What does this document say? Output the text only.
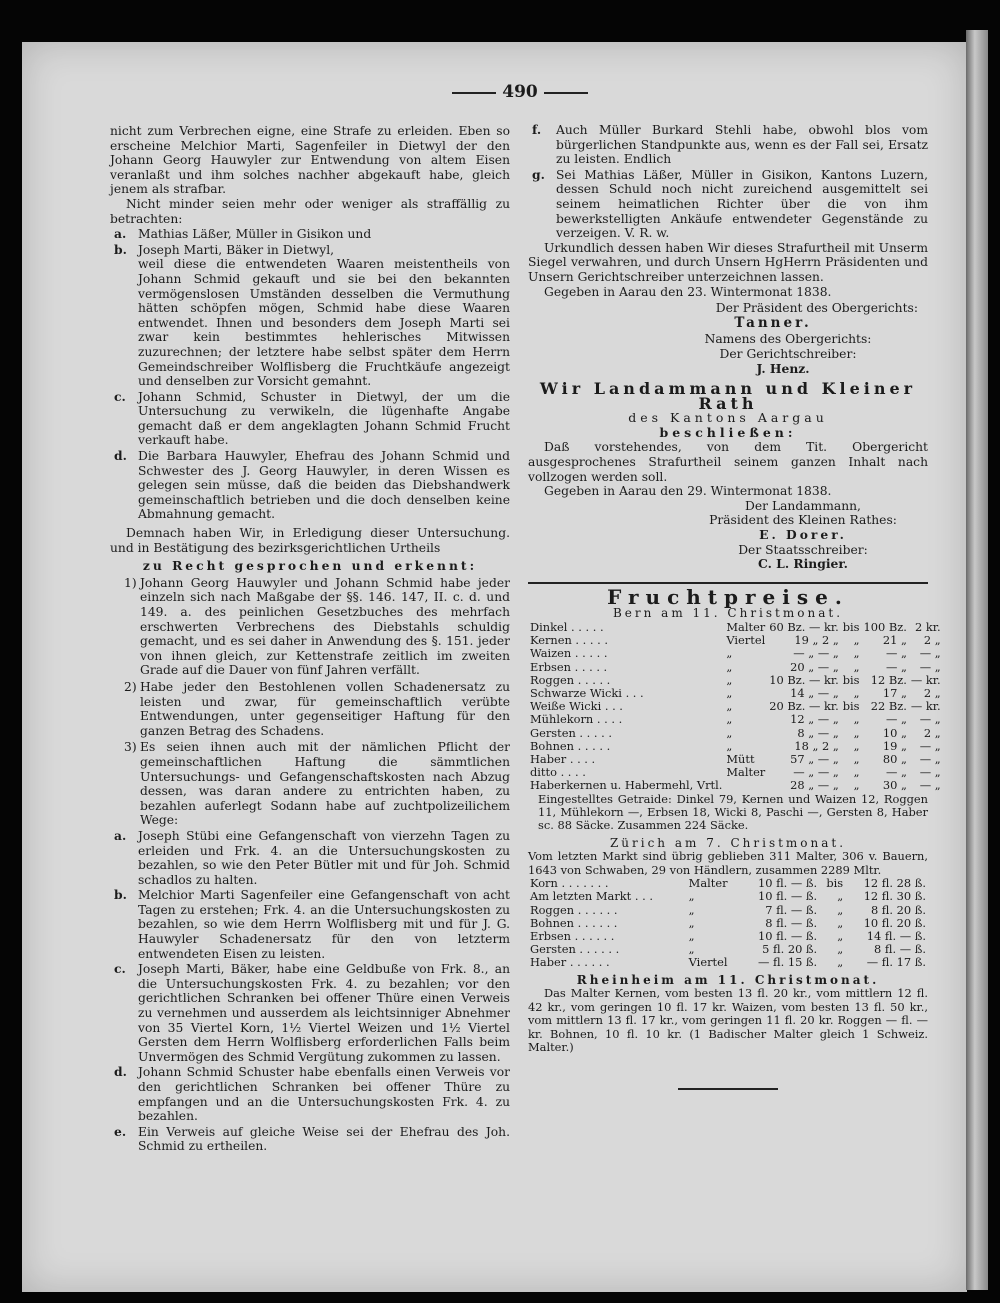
490

nicht zum Verbrechen eigne, eine Strafe zu erleiden. Eben so erscheine Melchior Marti, Sagenfeiler in Dietwyl der den Johann Georg Hauwyler zur Entwendung von altem Eisen veranlaßt und ihm solches nachher abgekauft habe, gleich jenem als strafbar.

Nicht minder seien mehr oder weniger als straffällig zu betrachten:

a. Mathias Läßer, Müller in Gisikon und
b. Joseph Marti, Bäker in Dietwyl,

weil diese die entwendeten Waaren meistentheils von Johann Schmid gekauft und sie bei den bekannten vermögenslosen Umständen desselben die Vermuthung hätten schöpfen mögen, Schmid habe diese Waaren entwendet. Ihnen und besonders dem Joseph Marti sei zwar kein bestimmtes hehlerisches Mitwissen zuzurechnen; der letztere habe selbst später dem Herrn Gemeindschreiber Wolflisberg die Fruchtkäufe angezeigt und denselben zur Vorsicht gemahnt.

c. Johann Schmid, Schuster in Dietwyl, der um die Untersuchung zu verwikeln, die lügenhafte Angabe gemacht daß er dem angeklagten Johann Schmid Frucht verkauft habe.

d. Die Barbara Hauwyler, Ehefrau des Johann Schmid und Schwester des J. Georg Hauwyler, in deren Wissen es gelegen sein müsse, daß die beiden das Diebshandwerk gemeinschaftlich betrieben und die doch denselben keine Abmahnung gemacht.

Demnach haben Wir, in Erledigung dieser Untersuchung. und in Bestätigung des bezirksgerichtlichen Urtheils

zu Recht gesprochen und erkennt:

1) Johann Georg Hauwyler und Johann Schmid habe jeder einzeln sich nach Maßgabe der §§. 146. 147, II. c. d. und 149. a. des peinlichen Gesetzbuches des mehrfach erschwerten Verbrechens des Diebstahls schuldig gemacht, und es sei daher in Anwendung des §. 151. jeder von ihnen gleich, zur Kettenstrafe zeitlich im zweiten Grade auf die Dauer von fünf Jahren verfällt.

2) Habe jeder den Bestohlenen vollen Schadenersatz zu leisten und zwar, für gemeinschaftlich verübte Entwendungen, unter gegenseitiger Haftung für den ganzen Betrag des Schadens.

3) Es seien ihnen auch mit der nämlichen Pflicht der gemeinschaftlichen Haftung die sämmtlichen Untersuchungs- und Gefangenschaftskosten nach Abzug dessen, was daran andere zu entrichten haben, zu bezahlen auferlegt Sodann habe auf zuchtpolizeilichem Wege:

a. Joseph Stübi eine Gefangenschaft von vierzehn Tagen zu erleiden und Frk. 4. an die Untersuchungskosten zu bezahlen, so wie den Peter Bütler mit und für Joh. Schmid schadlos zu halten.

b. Melchior Marti Sagenfeiler eine Gefangenschaft von acht Tagen zu erstehen; Frk. 4. an die Untersuchungskosten zu bezahlen, so wie dem Herrn Wolflisberg mit und für J. G. Hauwyler Schadenersatz für den von letzterm entwendeten Eisen zu leisten.

c. Joseph Marti, Bäker, habe eine Geldbuße von Frk. 8., an die Untersuchungskosten Frk. 4. zu bezahlen; vor den gerichtlichen Schranken bei offener Thüre einen Verweis zu vernehmen und ausserdem als leichtsinniger Abnehmer von 35 Viertel Korn, 1½ Viertel Weizen und 1½ Viertel Gersten dem Herrn Wolflisberg erforderlichen Falls beim Unvermögen des Schmid Vergütung zukommen zu lassen.

d. Johann Schmid Schuster habe ebenfalls einen Verweis vor den gerichtlichen Schranken bei offener Thüre zu empfangen und an die Untersuchungskosten Frk. 4. zu bezahlen.

e. Ein Verweis auf gleiche Weise sei der Ehefrau des Joh. Schmid zu ertheilen.

f. Auch Müller Burkard Stehli habe, obwohl blos vom bürgerlichen Standpunkte aus, wenn es der Fall sei, Ersatz zu leisten. Endlich

g. Sei Mathias Läßer, Müller in Gisikon, Kantons Luzern, dessen Schuld noch nicht zureichend ausgemittelt sei seinem heimatlichen Richter über die von ihm bewerkstelligten Ankäufe entwendeter Gegenstände zu verzeigen. V. R. w.

Urkundlich dessen haben Wir dieses Strafurtheil mit Unserm Siegel verwahren, und durch Unsern HgHerrn Präsidenten und Unsern Gerichtschreiber unterzeichnen lassen.

Gegeben in Aarau den 23. Wintermonat 1838.

Der Präsident des Obergerichts:

Tanner.

Namens des Obergerichts:

Der Gerichtschreiber:

J. Henz.

Wir Landammann und Kleiner Rath

des Kantons Aargau

beschließen:

Daß vorstehendes, von dem Tit. Obergericht ausgesprochenes Strafurtheil seinem ganzen Inhalt nach vollzogen werden soll.

Gegeben in Aarau den 29. Wintermonat 1838.

Der Landammann,

Präsident des Kleinen Rathes:

E. Dorer.

Der Staatsschreiber:

C. L. Ringier.

Fruchtpreise.

Bern am 11. Christmonat.

Dinkel . . . . .	Malter	60 Bz. — kr.	bis	100 Bz.	2 kr.
Kernen . . . . .	Viertel	19 „ 2 „	„	21 „	2 „
Waizen . . . . .	„	— „ — „	„	— „	— „
Erbsen . . . . .	„	20 „ — „	„	— „	— „
Roggen . . . . .	„	10 Bz. — kr.	bis	12 Bz.	— kr.
Schwarze Wicki . . .	„	14 „ — „	„	17 „	2 „
Weiße Wicki . . .	„	20 Bz. — kr.	bis	22 Bz.	— kr.
Mühlekorn . . . .	„	12 „ — „	„	— „	— „
Gersten . . . . .	„	8 „ — „	„	10 „	2 „
Bohnen . . . . .	„	18 „ 2 „	„	19 „	— „
Haber . . . .	Mütt	57 „ — „	„	80 „	— „
ditto . . . .	Malter	— „ — „	„	— „	— „
Haberkernen u. Habermehl, Vrtl.		28 „ — „	„	30 „	— „

Eingestelltes Getraide: Dinkel 79, Kernen und Waizen 12, Roggen 11, Mühlekorn —, Erbsen 18, Wicki 8, Paschi —, Gersten 8, Haber sc. 88 Säcke. Zusammen 224 Säcke.

Zürich am 7. Christmonat.

Vom letzten Markt sind übrig geblieben 311 Malter, 306 v. Bauern, 1643 von Schwaben, 29 von Händlern, zusammen 2289 Mltr.

Korn . . . . . . .	Malter	10 fl. — ß.	bis	12 fl. 28 ß.
Am letzten Markt . . .	„	10 fl. — ß.	„	12 fl. 30 ß.
Roggen . . . . . .	„	7 fl. — ß.	„	8 fl. 20 ß.
Bohnen . . . . . .	„	8 fl. — ß.	„	10 fl. 20 ß.
Erbsen . . . . . .	„	10 fl. — ß.	„	14 fl. — ß.
Gersten . . . . . .	„	5 fl. 20 ß.	„	8 fl. — ß.
Haber . . . . . .	Viertel	— fl. 15 ß.	„	— fl. 17 ß.

Rheinheim am 11. Christmonat.

Das Malter Kernen, vom besten 13 fl. 20 kr., vom mittlern 12 fl. 42 kr., vom geringen 10 fl. 17 kr. Waizen, vom besten 13 fl. 50 kr., vom mittlern 13 fl. 17 kr., vom geringen 11 fl. 20 kr. Roggen — fl. — kr. Bohnen, 10 fl. 10 kr. (1 Badischer Malter gleich 1 Schweiz. Malter.)
